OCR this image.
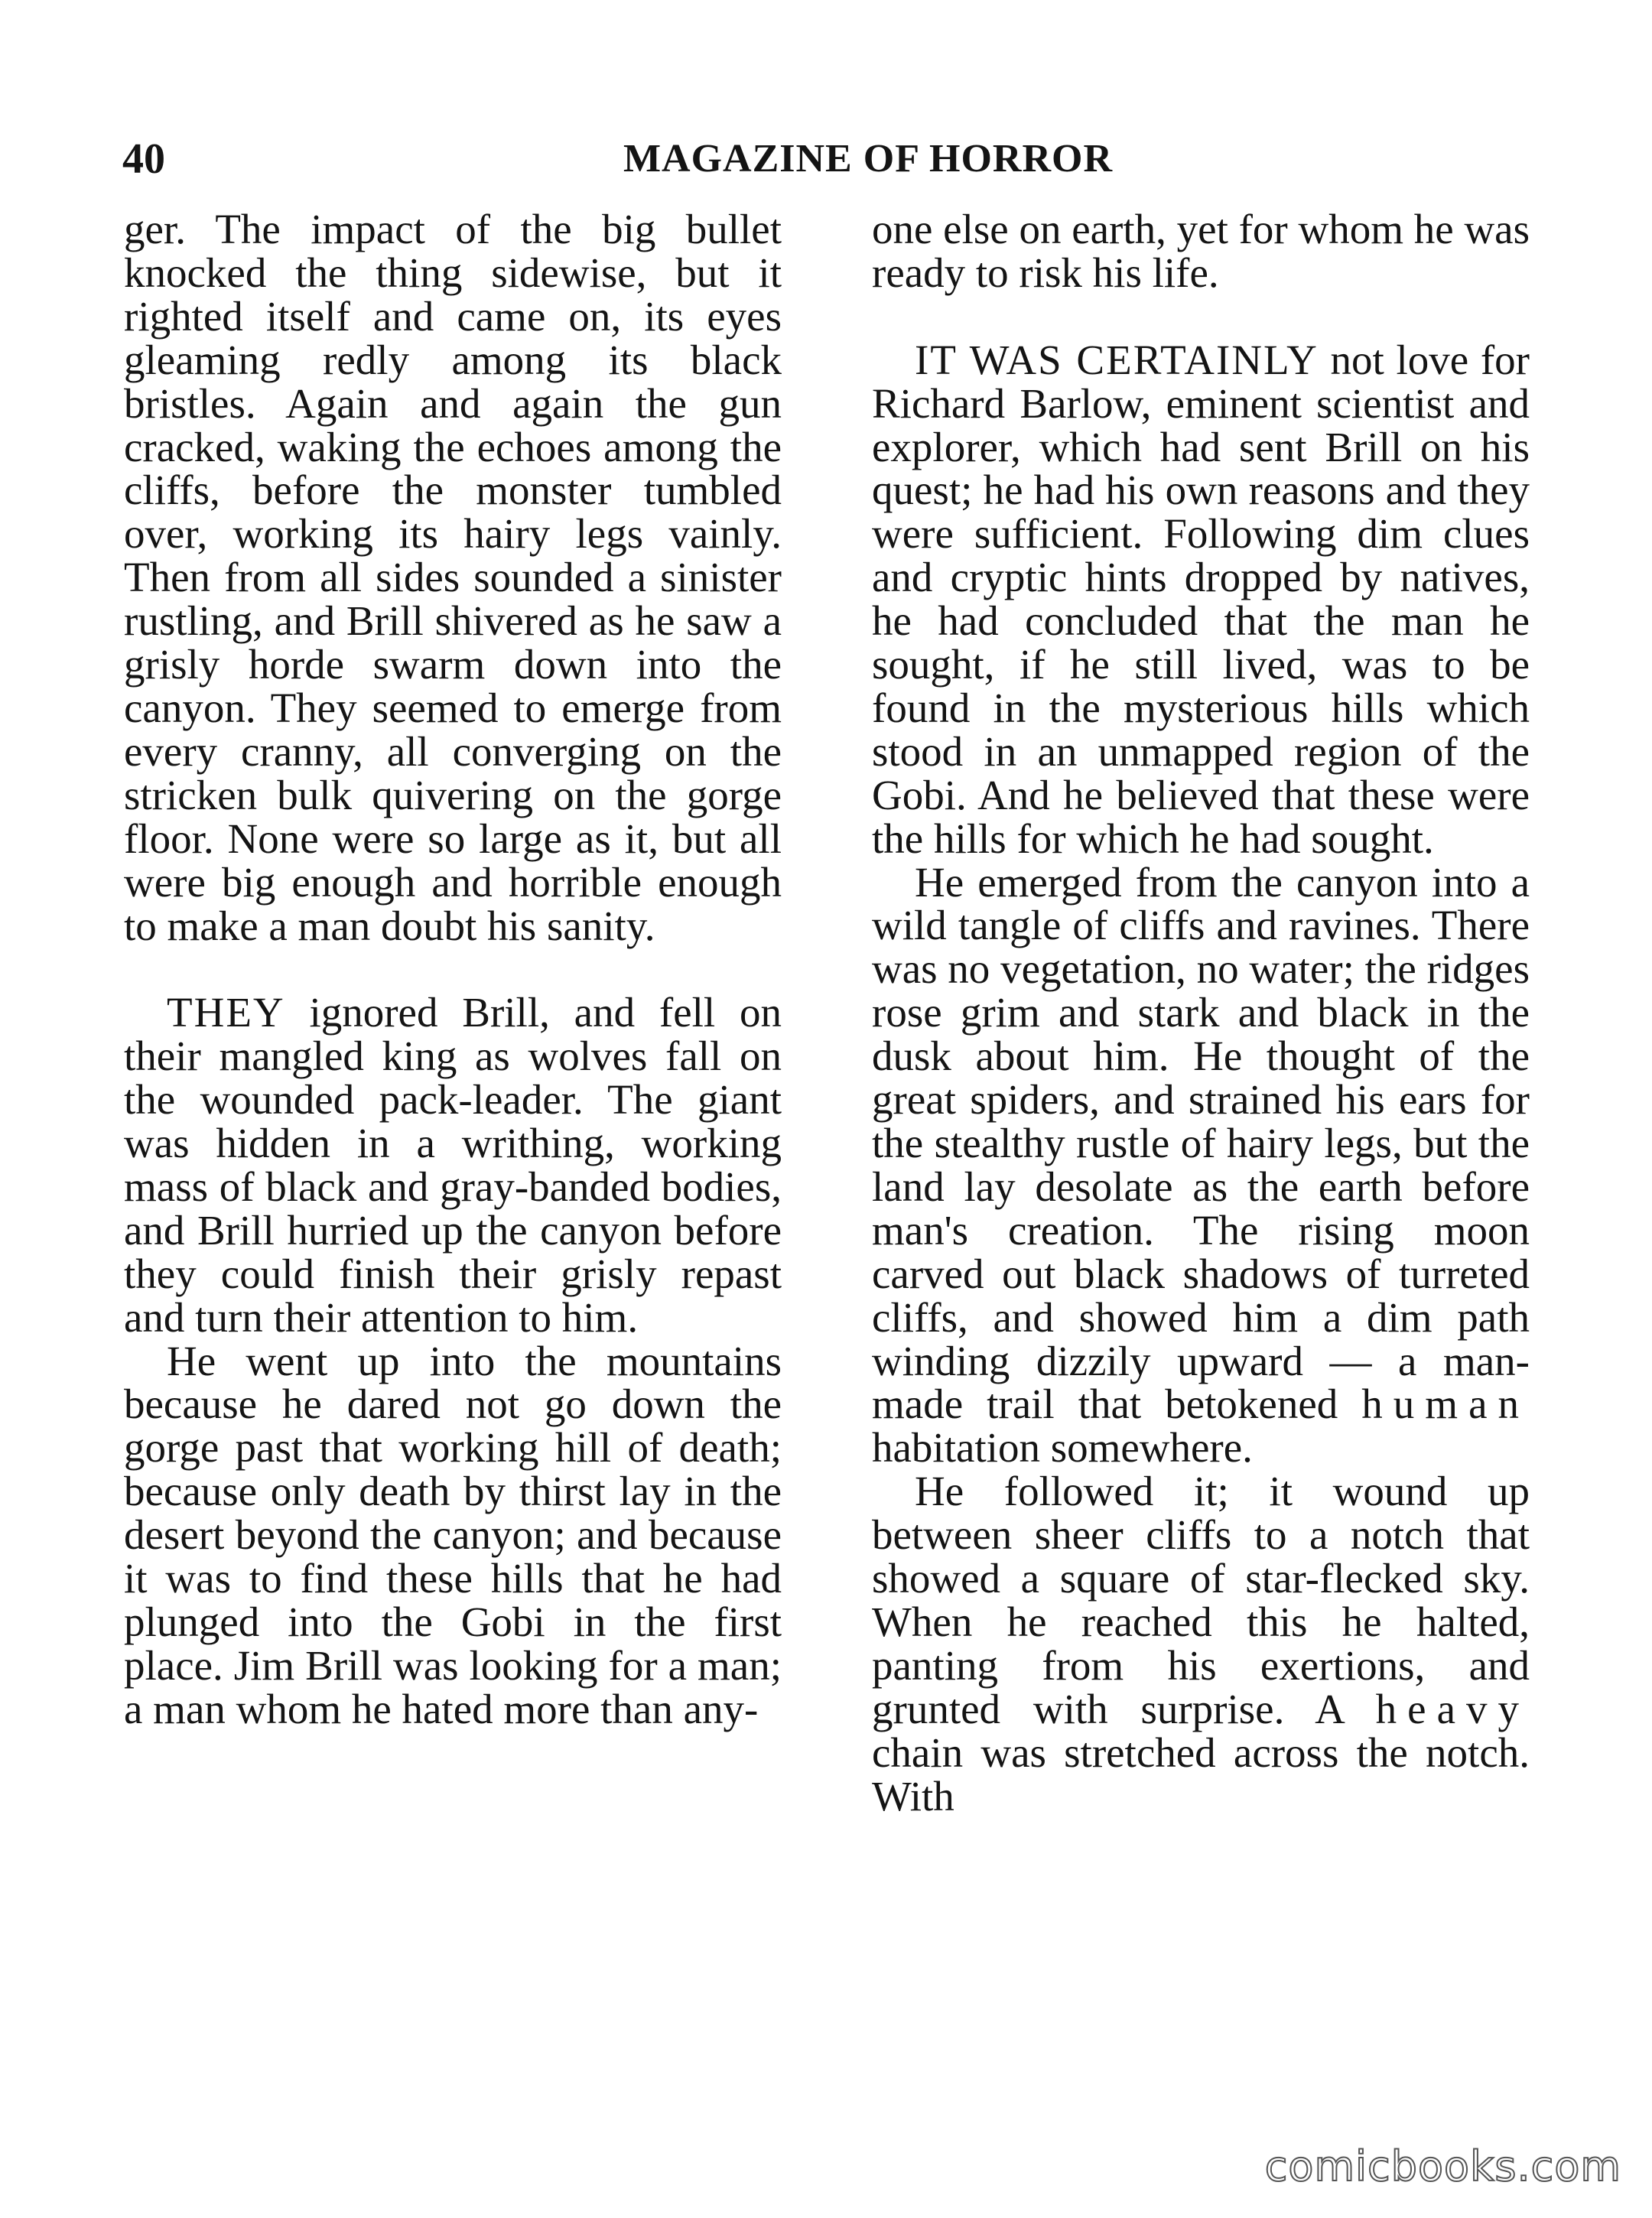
40	MAGAZINE OF HORROR

ger. The impact of the big bullet knocked the thing sidewise, but it righted itself and came on, its eyes gleaming redly among its black bristles. Again and again the gun cracked, waking the echoes among the cliffs, before the monster tumbled over, working its hairy legs vainly. Then from all sides sounded a sinister rustling, and Brill shivered as he saw a grisly horde swarm down into the canyon. They seemed to emerge from every cranny, all converging on the stricken bulk quivering on the gorge floor. None were so large as it, but all were big enough and horrible enough to make a man doubt his sanity.

THEY ignored Brill, and fell on their mangled king as wolves fall on the wounded pack-leader. The giant was hidden in a writhing, working mass of black and gray-banded bodies, and Brill hurried up the canyon before they could finish their grisly repast and turn their attention to him.

He went up into the mountains because he dared not go down the gorge past that working hill of death; because only death by thirst lay in the desert beyond the canyon; and because it was to find these hills that he had plunged into the Gobi in the first place. Jim Brill was looking for a man; a man whom he hated more than any-

one else on earth, yet for whom he was ready to risk his life.

IT WAS CERTAINLY not love for Richard Barlow, eminent scientist and explorer, which had sent Brill on his quest; he had his own reasons and they were sufficient. Following dim clues and cryptic hints dropped by natives, he had concluded that the man he sought, if he still lived, was to be found in the mysterious hills which stood in an unmapped region of the Gobi. And he believed that these were the hills for which he had sought.

He emerged from the canyon into a wild tangle of cliffs and ravines. There was no vegetation, no water; the ridges rose grim and stark and black in the dusk about him. He thought of the great spiders, and strained his ears for the stealthy rustle of hairy legs, but the land lay desolate as the earth before man's creation. The rising moon carved out black shadows of turreted cliffs, and showed him a dim path winding dizzily upward — a man-made trail that betokened human habitation somewhere.

He followed it; it wound up between sheer cliffs to a notch that showed a square of star-flecked sky. When he reached this he halted, panting from his exertions, and grunted with surprise. A heavy chain was stretched across the notch. With

comicbooks.com
